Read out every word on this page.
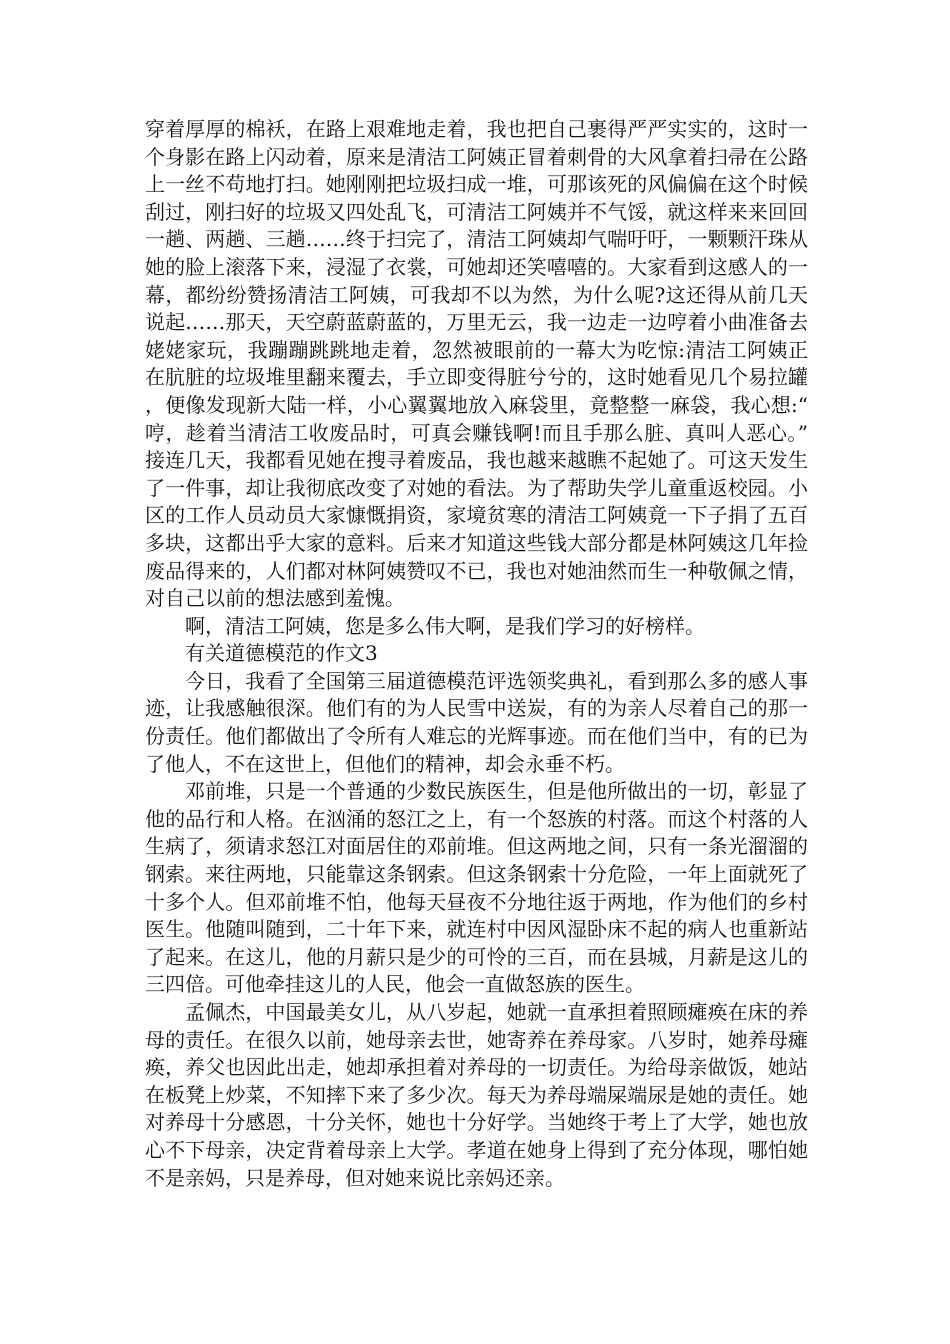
穿着厚厚的棉袄，在路上艰难地走着，我也把自己裹得严严实实的，这时一个身影在路上闪动着，原来是清洁工阿姨正冒着刺骨的大风拿着扫帚在公路上一丝不苟地打扫。她刚刚把垃圾扫成一堆，可那该死的风偏偏在这个时候刮过，刚扫好的垃圾又四处乱飞，可清洁工阿姨并不气馁，就这样来来回回一趟、两趟、三趟……终于扫完了，清洁工阿姨却气喘吁吁，一颗颗汗珠从她的脸上滚落下来，浸湿了衣裳，可她却还笑嘻嘻的。大家看到这感人的一幕，都纷纷赞扬清洁工阿姨，可我却不以为然，为什么呢?这还得从前几天说起……那天，天空蔚蓝蔚蓝的，万里无云，我一边走一边哼着小曲准备去姥姥家玩，我蹦蹦跳跳地走着，忽然被眼前的一幕大为吃惊:清洁工阿姨正在肮脏的垃圾堆里翻来覆去，手立即变得脏兮兮的，这时她看见几个易拉罐，便像发现新大陆一样，小心翼翼地放入麻袋里，竟整整一麻袋，我心想:“哼，趁着当清洁工收废品时，可真会赚钱啊!而且手那么脏、真叫人恶心。”接连几天，我都看见她在搜寻着废品，我也越来越瞧不起她了。可这天发生了一件事，却让我彻底改变了对她的看法。为了帮助失学儿童重返校园。小区的工作人员动员大家慷慨捐资，家境贫寒的清洁工阿姨竟一下子捐了五百多块，这都出乎大家的意料。后来才知道这些钱大部分都是林阿姨这几年捡废品得来的，人们都对林阿姨赞叹不已，我也对她油然而生一种敬佩之情，对自己以前的想法感到羞愧。

啊，清洁工阿姨，您是多么伟大啊，是我们学习的好榜样。

有关道德模范的作文3

今日，我看了全国第三届道德模范评选领奖典礼，看到那么多的感人事迹，让我感触很深。他们有的为人民雪中送炭，有的为亲人尽着自己的那一份责任。他们都做出了令所有人难忘的光辉事迹。而在他们当中，有的已为了他人，不在这世上，但他们的精神，却会永垂不朽。

邓前堆，只是一个普通的少数民族医生，但是他所做出的一切，彰显了他的品行和人格。在汹涌的怒江之上，有一个怒族的村落。而这个村落的人生病了，须请求怒江对面居住的邓前堆。但这两地之间，只有一条光溜溜的钢索。来往两地，只能靠这条钢索。但这条钢索十分危险，一年上面就死了十多个人。但邓前堆不怕，他每天昼夜不分地往返于两地，作为他们的乡村医生。他随叫随到，二十年下来，就连村中因风湿卧床不起的病人也重新站了起来。在这儿，他的月薪只是少的可怜的三百，而在县城，月薪是这儿的三四倍。可他牵挂这儿的人民，他会一直做怒族的医生。

孟佩杰，中国最美女儿，从八岁起，她就一直承担着照顾瘫痪在床的养母的责任。在很久以前，她母亲去世，她寄养在养母家。八岁时，她养母瘫痪，养父也因此出走，她却承担着对养母的一切责任。为给母亲做饭，她站在板凳上炒菜，不知摔下来了多少次。每天为养母端屎端尿是她的责任。她对养母十分感恩，十分关怀，她也十分好学。当她终于考上了大学，她也放心不下母亲，决定背着母亲上大学。孝道在她身上得到了充分体现，哪怕她不是亲妈，只是养母，但对她来说比亲妈还亲。
